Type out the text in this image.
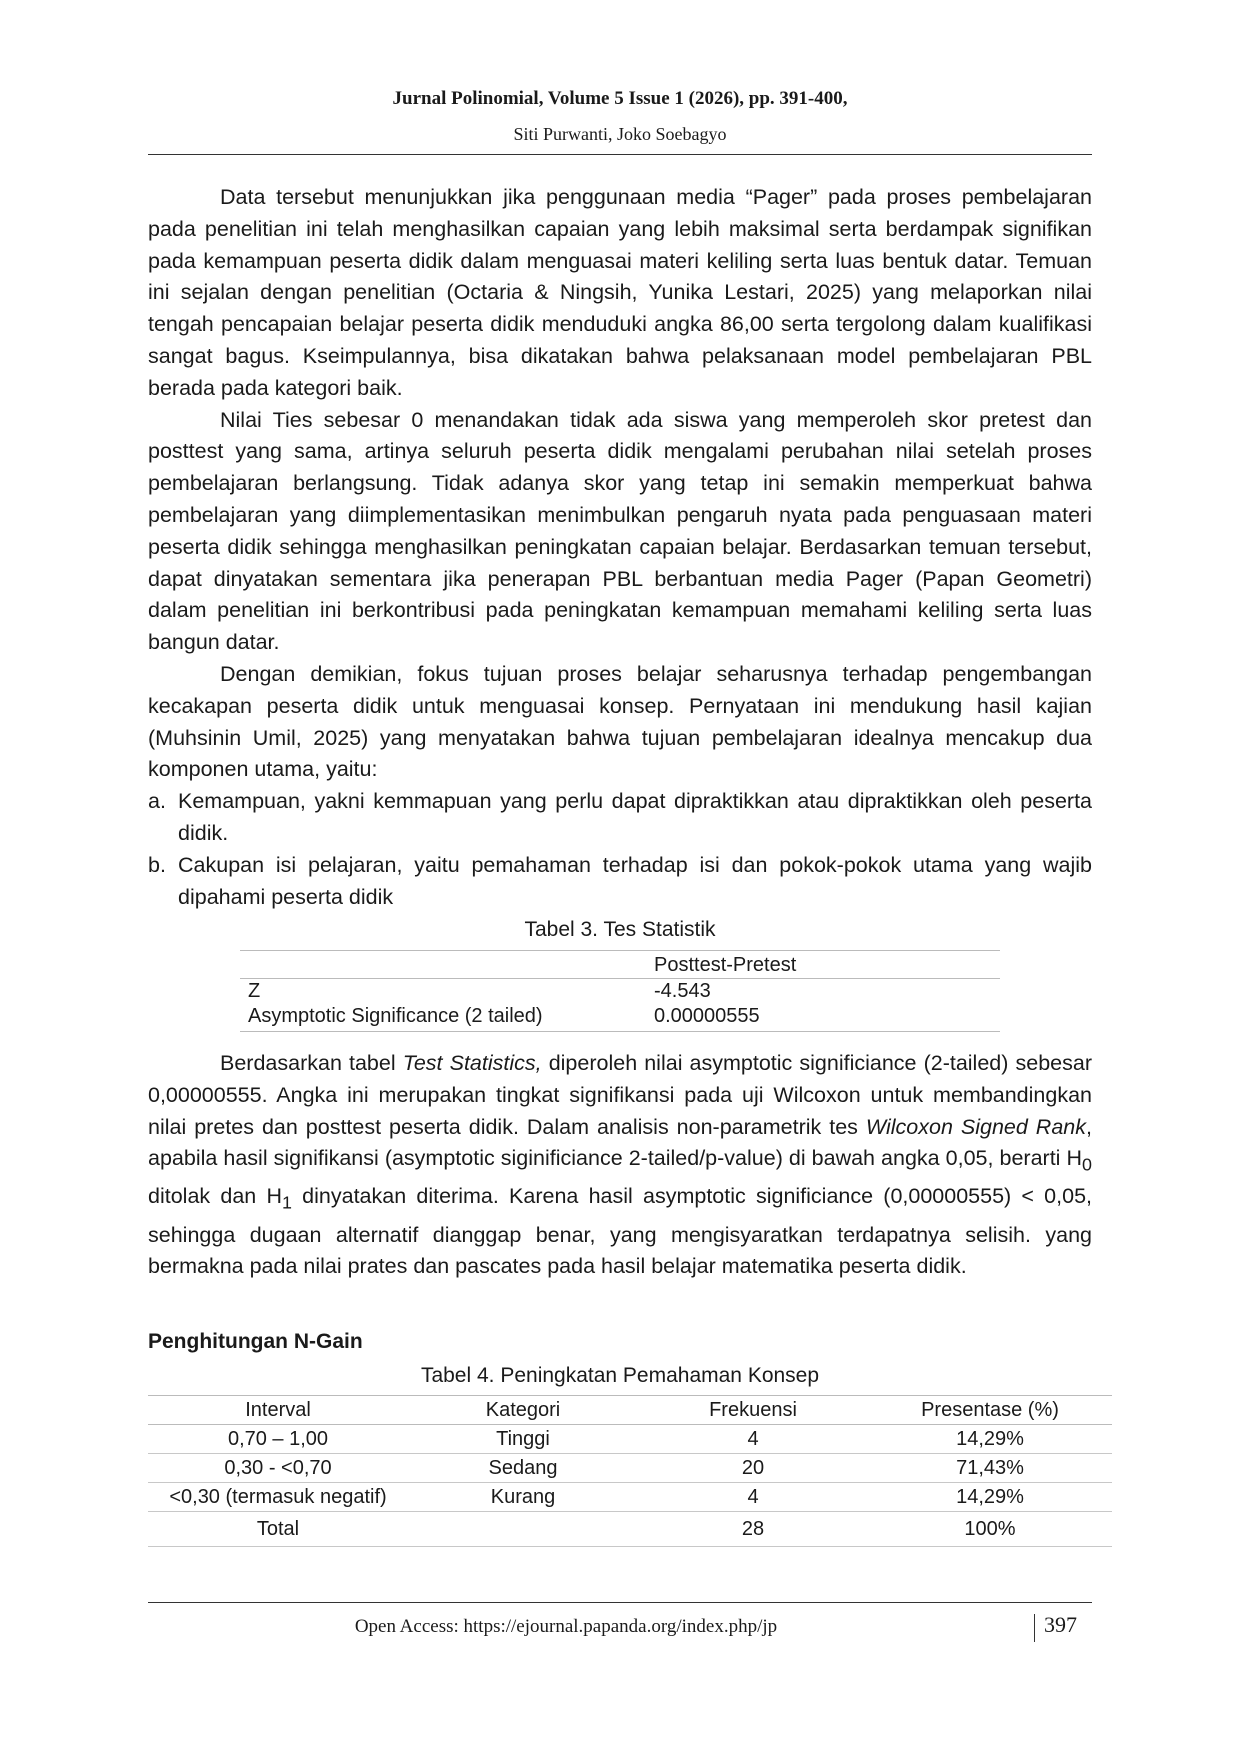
Jurnal Polinomial, Volume 5 Issue 1 (2026), pp. 391-400,
Siti Purwanti, Joko Soebagyo

Data tersebut menunjukkan jika penggunaan media “Pager” pada proses pembelajaran pada penelitian ini telah menghasilkan capaian yang lebih maksimal serta berdampak signifikan pada kemampuan peserta didik dalam menguasai materi keliling serta luas bentuk datar. Temuan ini sejalan dengan penelitian (Octaria & Ningsih, Yunika Lestari, 2025) yang melaporkan nilai tengah pencapaian belajar peserta didik menduduki angka 86,00 serta tergolong dalam kualifikasi sangat bagus. Kseimpulannya, bisa dikatakan bahwa pelaksanaan model pembelajaran PBL berada pada kategori baik.

Nilai Ties sebesar 0 menandakan tidak ada siswa yang memperoleh skor pretest dan posttest yang sama, artinya seluruh peserta didik mengalami perubahan nilai setelah proses pembelajaran berlangsung. Tidak adanya skor yang tetap ini semakin memperkuat bahwa pembelajaran yang diimplementasikan menimbulkan pengaruh nyata pada penguasaan materi peserta didik sehingga menghasilkan peningkatan capaian belajar. Berdasarkan temuan tersebut, dapat dinyatakan sementara jika penerapan PBL berbantuan media Pager (Papan Geometri) dalam penelitian ini berkontribusi pada peningkatan kemampuan memahami keliling serta luas bangun datar.

Dengan demikian, fokus tujuan proses belajar seharusnya terhadap pengembangan kecakapan peserta didik untuk menguasai konsep. Pernyataan ini mendukung hasil kajian (Muhsinin Umil, 2025) yang menyatakan bahwa tujuan pembelajaran idealnya mencakup dua komponen utama, yaitu:

a. Kemampuan, yakni kemmapuan yang perlu dapat dipraktikkan atau dipraktikkan oleh peserta didik.
b. Cakupan isi pelajaran, yaitu pemahaman terhadap isi dan pokok-pokok utama yang wajib dipahami peserta didik
Tabel 3. Tes Statistik
	Posttest-Pretest
Z	-4.543
Asymptotic Significance (2 tailed)	0.00000555

Berdasarkan tabel Test Statistics, diperoleh nilai asymptotic significiance (2-tailed) sebesar 0,00000555. Angka ini merupakan tingkat signifikansi pada uji Wilcoxon untuk membandingkan nilai pretes dan posttest peserta didik. Dalam analisis non-parametrik tes Wilcoxon Signed Rank, apabila hasil signifikansi (asymptotic siginificiance 2-tailed/p-value) di bawah angka 0,05, berarti $H_0$ ditolak dan $H_1$ dinyatakan diterima. Karena hasil asymptotic significiance (0,00000555) < 0,05, sehingga dugaan alternatif dianggap benar, yang mengisyaratkan terdapatnya selisih. yang bermakna pada nilai prates dan pascates pada hasil belajar matematika peserta didik.

Penghitungan N-Gain
Tabel 4. Peningkatan Pemahaman Konsep
Interval	Kategori	Frekuensi	Presentase (%)
0,70 – 1,00	Tinggi	4	14,29%
0,30 - <0,70	Sedang	20	71,43%
<0,30 (termasuk negatif)	Kurang	4	14,29%
Total		28	100%
Open Access: https://ejournal.papanda.org/index.php/jp	397
